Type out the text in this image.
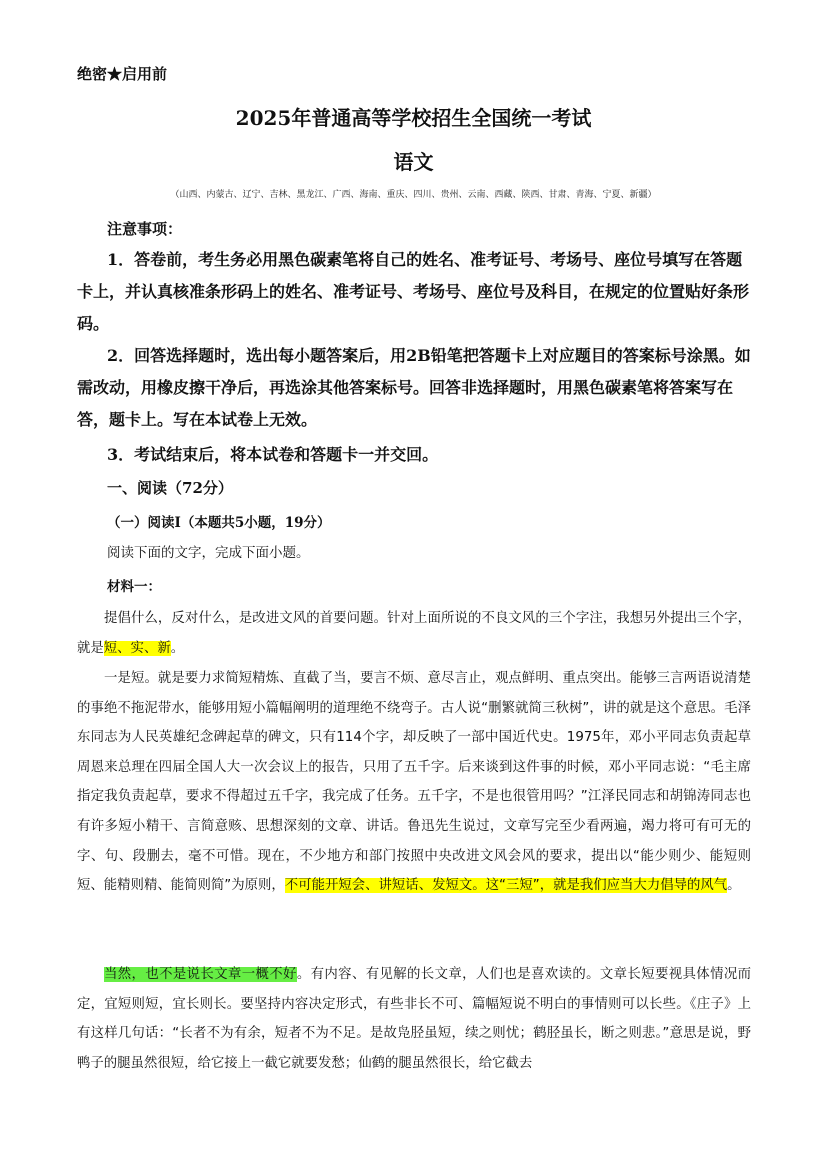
绝密★启用前
2025年普通高等学校招生全国统一考试
语文
（山西、内蒙古、辽宁、吉林、黑龙江、广西、海南、重庆、四川、贵州、云南、西藏、陕西、甘肃、青海、宁夏、新疆）
注意事项：

1．答卷前，考生务必用黑色碳素笔将自己的姓名、准考证号、考场号、座位号填写在答题卡上，并认真核准条形码上的姓名、准考证号、考场号、座位号及科目，在规定的位置贴好条形码。

2．回答选择题时，选出每小题答案后，用2B铅笔把答题卡上对应题目的答案标号涂黑。如需改动，用橡皮擦干净后，再选涂其他答案标号。回答非选择题时，用黑色碳素笔将答案写在答，题卡上。写在本试卷上无效。

3．考试结束后，将本试卷和答题卡一并交回。

一、阅读（72分）
（一）阅读Ⅰ（本题共5小题，19分）
阅读下面的文字，完成下面小题。
材料一：

提倡什么，反对什么，是改进文风的首要问题。针对上面所说的不良文风的三个字注，我想另外提出三个字，就是短、实、新。

一是短。就是要力求简短精炼、直截了当，要言不烦、意尽言止，观点鲜明、重点突出。能够三言两语说清楚的事绝不拖泥带水，能够用短小篇幅阐明的道理绝不绕弯子。古人说“删繁就简三秋树”，讲的就是这个意思。毛泽东同志为人民英雄纪念碑起草的碑文，只有114个字，却反映了一部中国近代史。1975年，邓小平同志负责起草周恩来总理在四届全国人大一次会议上的报告，只用了五千字。后来谈到这件事的时候，邓小平同志说：“毛主席指定我负责起草，要求不得超过五千字，我完成了任务。五千字，不是也很管用吗？”江泽民同志和胡锦涛同志也有许多短小精干、言简意赅、思想深刻的文章、讲话。鲁迅先生说过，文章写完至少看两遍，竭力将可有可无的字、句、段删去，毫不可惜。现在，不少地方和部门按照中央改进文风会风的要求，提出以“能少则少、能短则短、能精则精、能简则简”为原则，不可能开短会、讲短话、发短文。这“三短”，就是我们应当大力倡导的风气。

当然，也不是说长文章一概不好。有内容、有见解的长文章，人们也是喜欢读的。文章长短要视具体情况而定，宜短则短，宜长则长。要坚持内容决定形式，有些非长不可、篇幅短说不明白的事情则可以长些。《庄子》上有这样几句话：“长者不为有余，短者不为不足。是故凫胫虽短，续之则忧；鹤胫虽长，断之则悲。”意思是说，野鸭子的腿虽然很短，给它接上一截它就要发愁；仙鹤的腿虽然很长，给它截去
